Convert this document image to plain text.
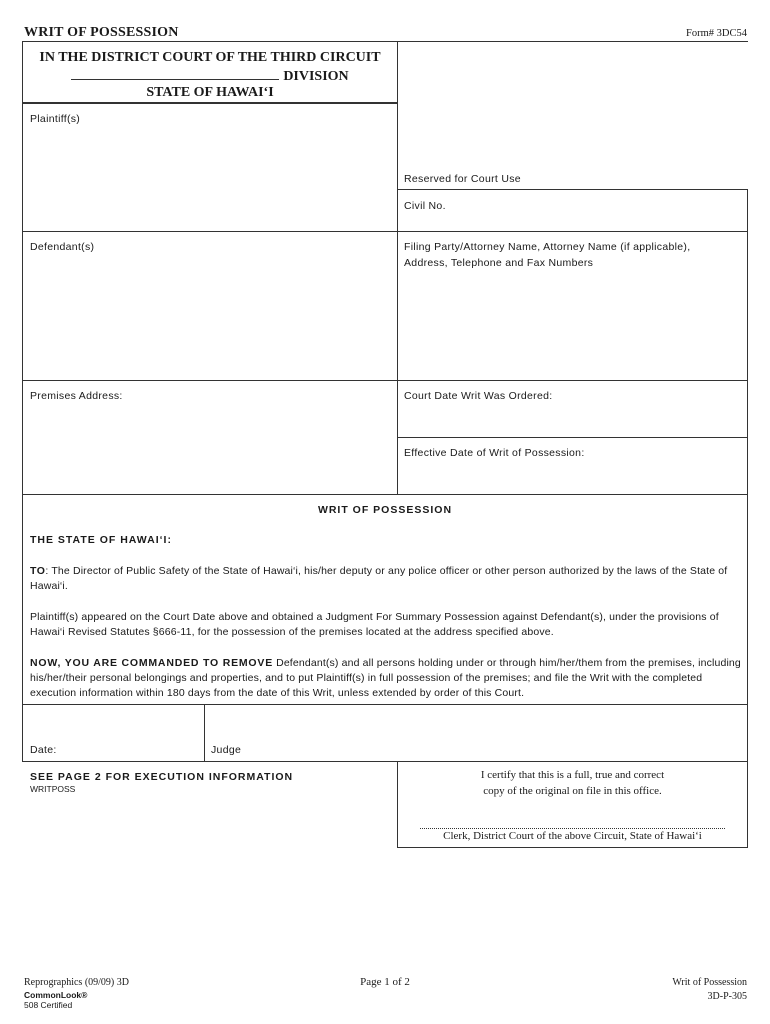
WRIT OF POSSESSION	Form# 3DC54
IN THE DISTRICT COURT OF THE THIRD CIRCUIT
DIVISION
STATE OF HAWAI‘I
Plaintiff(s)
Defendant(s)
Premises Address:
Reserved for Court Use
Civil No.
Filing Party/Attorney Name, Attorney Name (if applicable),
Address, Telephone and Fax Numbers
Court Date Writ Was Ordered:
Effective Date of Writ of Possession:
WRIT OF POSSESSION
THE STATE OF HAWAI‘I:
TO: The Director of Public Safety of the State of Hawai‘i, his/her deputy or any police officer or other person authorized by the laws of the State of Hawai‘i.
Plaintiff(s) appeared on the Court Date above and obtained a Judgment For Summary Possession against Defendant(s), under the provisions of Hawai‘i Revised Statutes §666-11, for the possession of the premises located at the address specified above.
NOW, YOU ARE COMMANDED TO REMOVE Defendant(s) and all persons holding under or through him/her/them from the premises, including his/her/their personal belongings and properties, and to put Plaintiff(s) in full possession of the premises; and file the Writ with the completed execution information within 180 days from the date of this Writ, unless extended by order of this Court.
Date:	Judge
SEE PAGE 2 FOR EXECUTION INFORMATION
WRITPOSS
I certify that this is a full, true and correct
copy of the original on file in this office.
Clerk, District Court of the above Circuit, State of Hawai‘i
Reprographics (09/09) 3D
CommonLook®
508 Certified
Page 1 of 2	Writ of Possession
3D-P-305
